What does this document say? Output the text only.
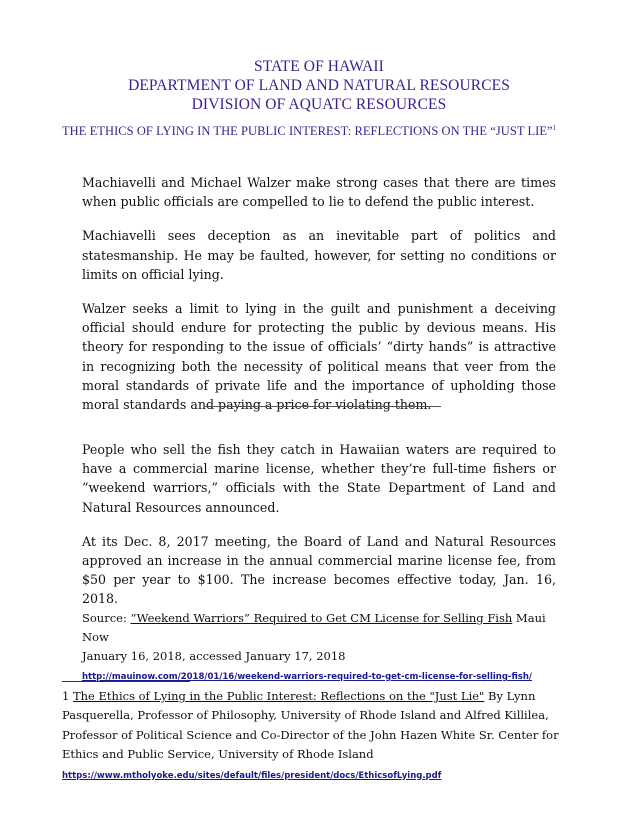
STATE OF HAWAII
DEPARTMENT OF LAND AND NATURAL RESOURCES
DIVISION OF AQUATC RESOURCES
THE ETHICS OF LYING IN THE PUBLIC INTEREST: REFLECTIONS ON THE “JUST LIE”$^1$

Machiavelli and Michael Walzer make strong cases that there are times when public officials are compelled to lie to defend the public interest.

Machiavelli sees deception as an inevitable part of politics and statesmanship. He may be faulted, however, for setting no conditions or limits on official lying.

Walzer seeks a limit to lying in the guilt and punishment a deceiving official should endure for protecting the public by devious means. His theory for responding to the issue of officials’ “dirty hands” is attractive in recognizing both the necessity of political means that veer from the moral standards of private life and the importance of upholding those moral standards and paying a price for violating them.

People who sell the fish they catch in Hawaiian waters are required to have a commercial marine license, whether they’re full-time fishers or “weekend warriors,” officials with the State Department of Land and Natural Resources announced.

At its Dec. 8, 2017 meeting, the Board of Land and Natural Resources approved an increase in the annual commercial marine license fee, from $50 per year to $100. The increase becomes effective today, Jan. 16, 2018.

Source: “Weekend Warriors” Required to Get CM License for Selling Fish Maui Now
January 16, 2018, accessed January 17, 2018    http://mauinow.com/2018/01/16/weekend-warriors-required-to-get-cm-license-for-selling-fish/
1 The Ethics of Lying in the Public Interest: Reflections on the "Just Lie" By Lynn Pasquerella, Professor of Philosophy, University of Rhode Island and Alfred Killilea, Professor of Political Science and Co-Director of the John Hazen White Sr. Center for Ethics and Public Service, University of Rhode Island https://www.mtholyoke.edu/sites/default/files/president/docs/EthicsofLying.pdf
